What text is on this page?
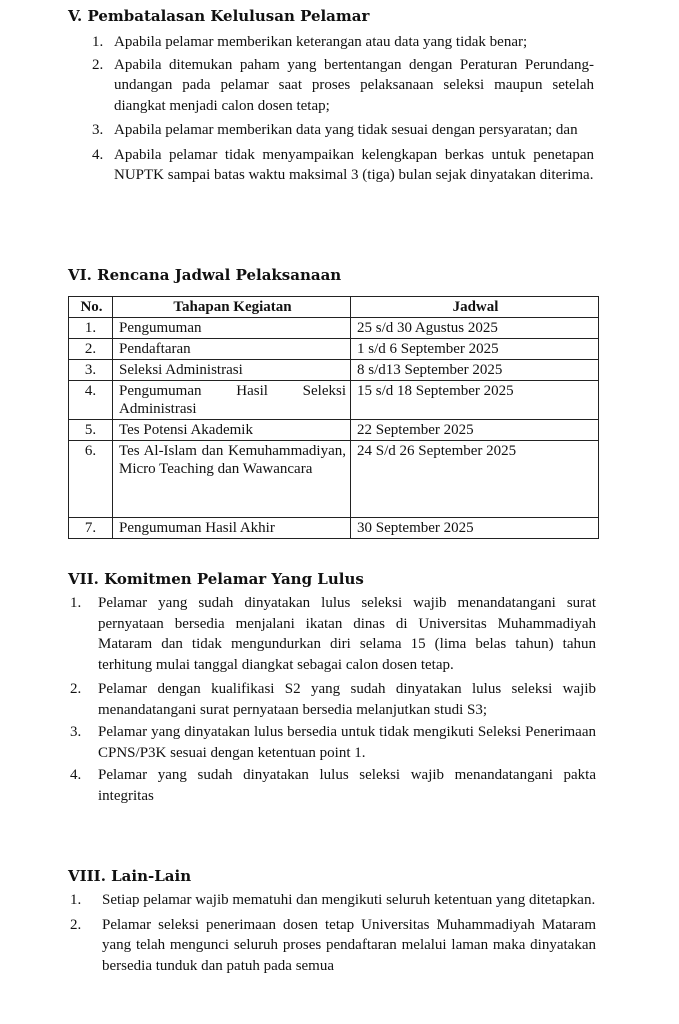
V. Pembatalasan Kelulusan Pelamar
1. Apabila pelamar memberikan keterangan atau data yang tidak benar;
2. Apabila ditemukan paham yang bertentangan dengan Peraturan Perundang-undangan pada pelamar saat proses pelaksanaan seleksi maupun setelah diangkat menjadi calon dosen tetap;
3. Apabila pelamar memberikan data yang tidak sesuai dengan persyaratan; dan
4. Apabila pelamar tidak menyampaikan kelengkapan berkas untuk penetapan NUPTK sampai batas waktu maksimal 3 (tiga) bulan sejak dinyatakan diterima.
VI. Rencana Jadwal Pelaksanaan
No.	Tahapan Kegiatan	Jadwal
1.	Pengumuman	25 s/d 30 Agustus 2025
2.	Pendaftaran	1 s/d 6 September 2025
3.	Seleksi Administrasi	8 s/d13 September 2025
4.	Pengumuman Hasil Seleksi Administrasi	15 s/d 18 September 2025
5.	Tes Potensi Akademik	22 September 2025
6.	Tes Al-Islam dan Kemuhammadiyan, Micro Teaching dan Wawancara	24 S/d 26 September 2025
7.	Pengumuman Hasil Akhir	30 September 2025
VII. Komitmen Pelamar Yang Lulus
1.	Pelamar yang sudah dinyatakan lulus seleksi wajib menandatangani surat pernyataan bersedia menjalani ikatan dinas di Universitas Muhammadiyah Mataram dan tidak mengundurkan diri selama 15 (lima belas tahun) tahun terhitung mulai tanggal diangkat sebagai calon dosen tetap.
2.	Pelamar dengan kualifikasi S2 yang sudah dinyatakan lulus seleksi wajib menandatangani surat pernyataan bersedia melanjutkan studi S3;
3.	Pelamar yang dinyatakan lulus bersedia untuk tidak mengikuti Seleksi Penerimaan CPNS/P3K sesuai dengan ketentuan point 1.
4.	Pelamar yang sudah dinyatakan lulus seleksi wajib menandatangani pakta integritas
VIII. Lain-Lain
1.	Setiap pelamar wajib mematuhi dan mengikuti seluruh ketentuan yang ditetapkan.
2.	Pelamar seleksi penerimaan dosen tetap Universitas Muhammadiyah Mataram yang telah mengunci seluruh proses pendaftaran melalui laman maka dinyatakan bersedia tunduk dan patuh pada semua
